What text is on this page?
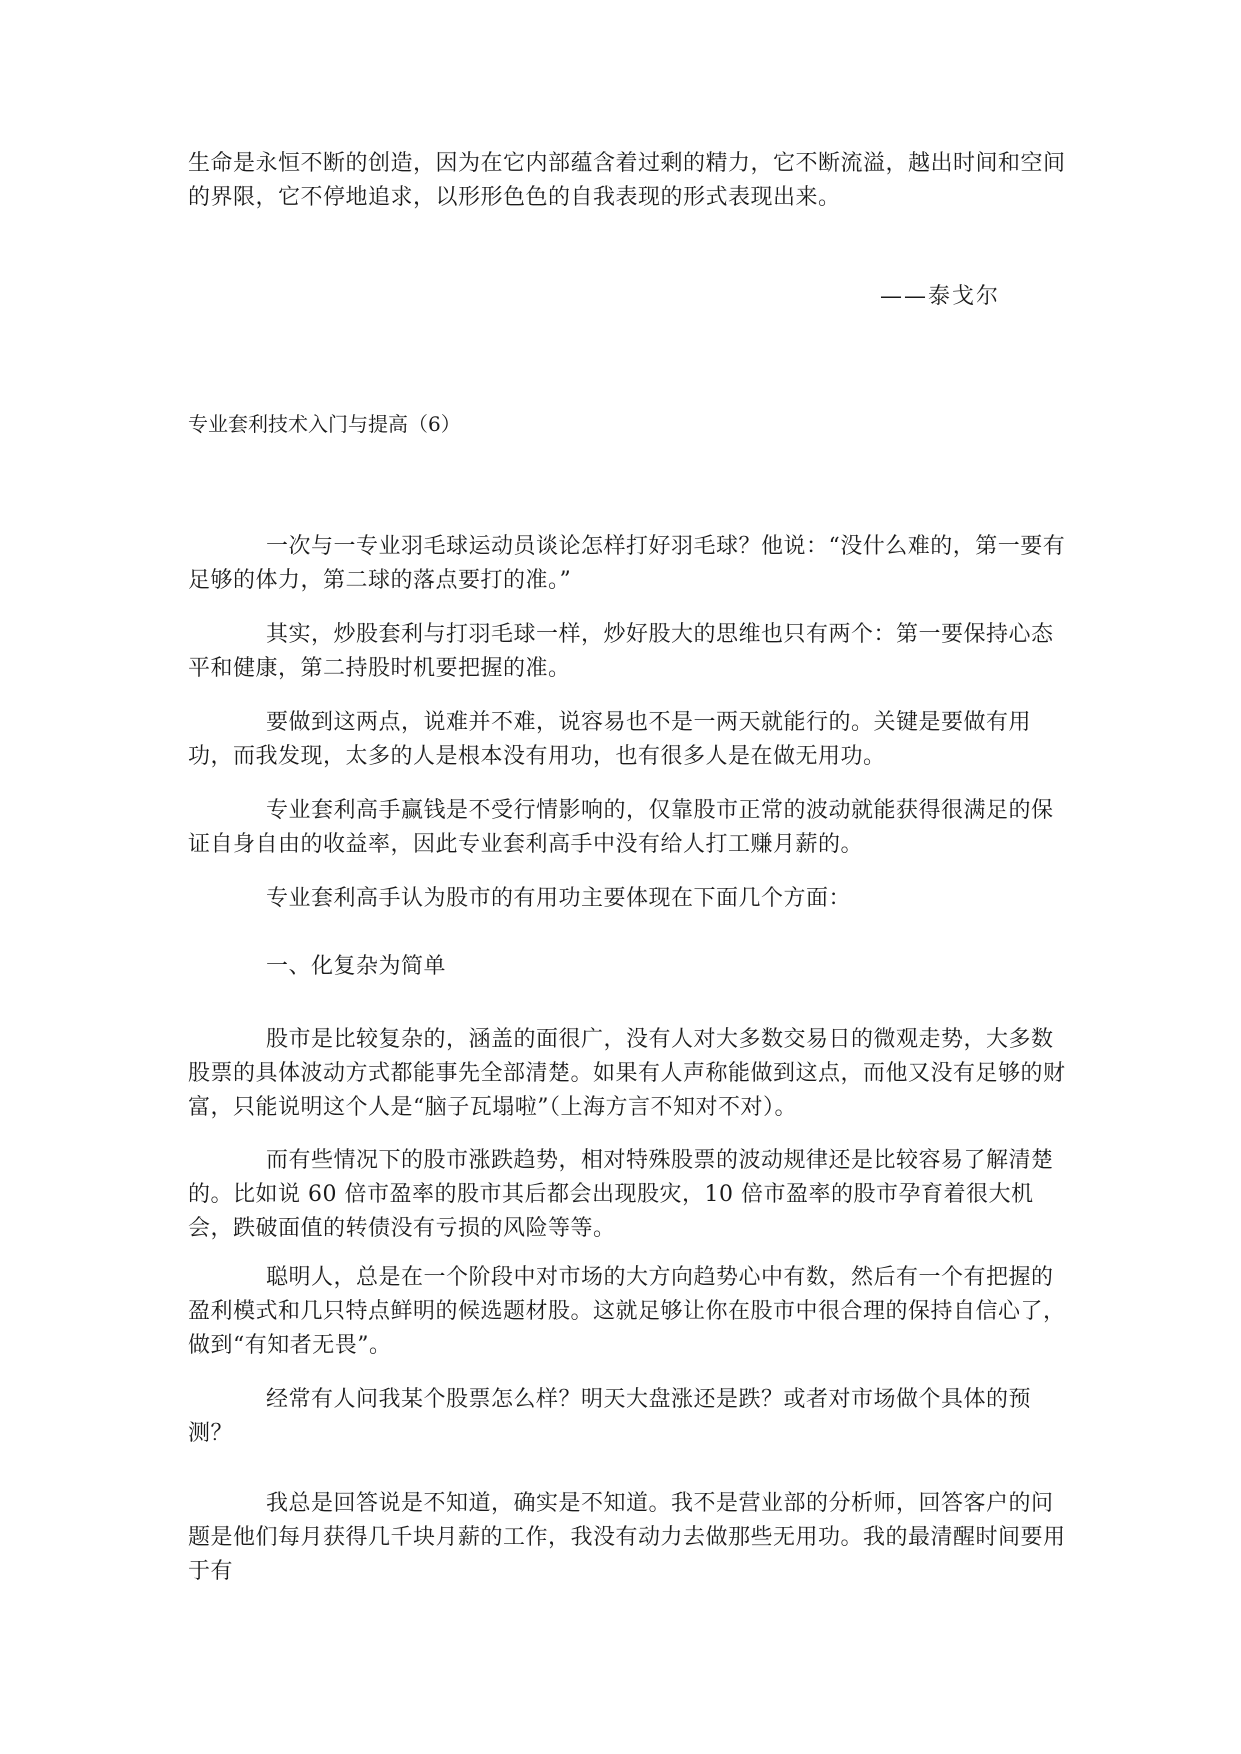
生命是永恒不断的创造，因为在它内部蕴含着过剩的精力，它不断流溢，越出时间和空间的界限，它不停地追求，以形形色色的自我表现的形式表现出来。
——泰戈尔
专业套利技术入门与提高（6）
一次与一专业羽毛球运动员谈论怎样打好羽毛球？他说：“没什么难的，第一要有足够的体力，第二球的落点要打的准。”
其实，炒股套利与打羽毛球一样，炒好股大的思维也只有两个：第一要保持心态平和健康，第二持股时机要把握的准。
要做到这两点，说难并不难，说容易也不是一两天就能行的。关键是要做有用功，而我发现，太多的人是根本没有用功，也有很多人是在做无用功。
专业套利高手赢钱是不受行情影响的，仅靠股市正常的波动就能获得很满足的保证自身自由的收益率，因此专业套利高手中没有给人打工赚月薪的。
专业套利高手认为股市的有用功主要体现在下面几个方面：
一、化复杂为简单
股市是比较复杂的，涵盖的面很广，没有人对大多数交易日的微观走势，大多数股票的具体波动方式都能事先全部清楚。如果有人声称能做到这点，而他又没有足够的财富，只能说明这个人是“脑子瓦塌啦”（上海方言不知对不对）。
而有些情况下的股市涨跌趋势，相对特殊股票的波动规律还是比较容易了解清楚的。比如说 60 倍市盈率的股市其后都会出现股灾，10 倍市盈率的股市孕育着很大机会，跌破面值的转债没有亏损的风险等等。
聪明人，总是在一个阶段中对市场的大方向趋势心中有数，然后有一个有把握的盈利模式和几只特点鲜明的候选题材股。这就足够让你在股市中很合理的保持自信心了，做到“有知者无畏”。
经常有人问我某个股票怎么样？明天大盘涨还是跌？或者对市场做个具体的预测？
我总是回答说是不知道，确实是不知道。我不是营业部的分析师，回答客户的问题是他们每月获得几千块月薪的工作，我没有动力去做那些无用功。我的最清醒时间要用于有
